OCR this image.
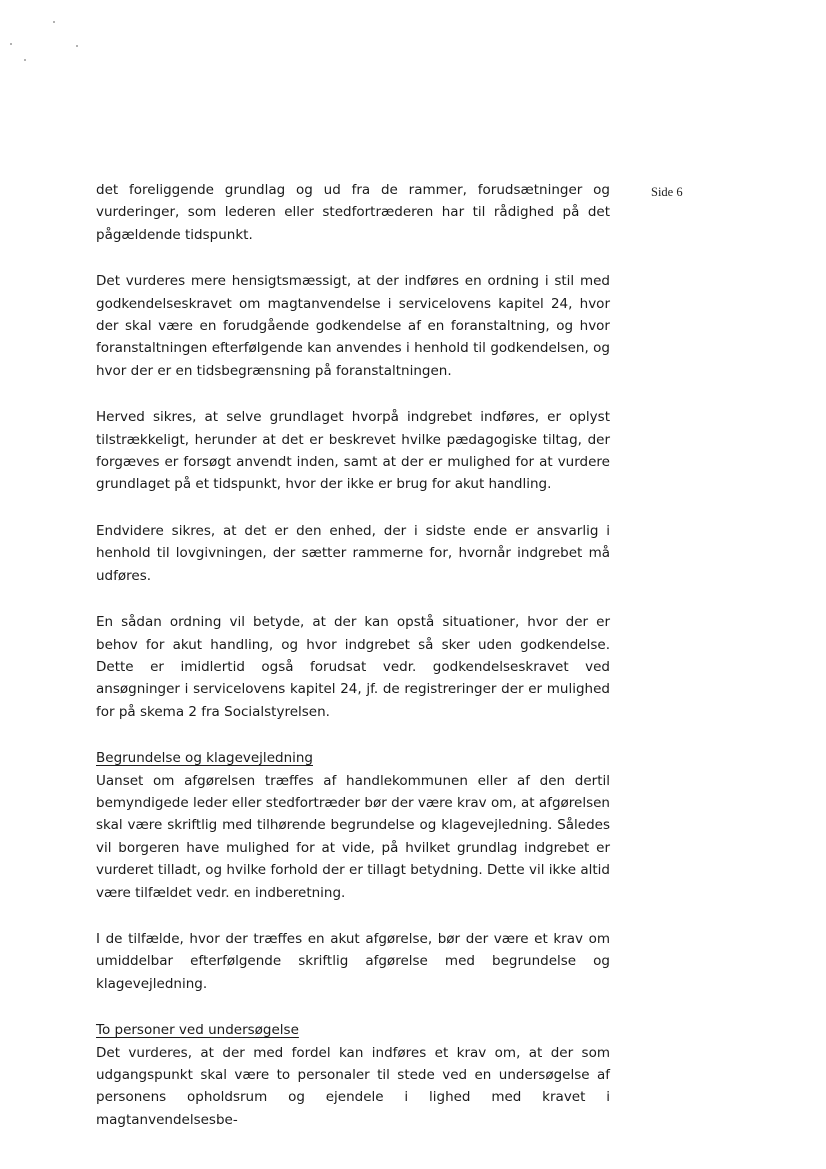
Side 6

det foreliggende grundlag og ud fra de rammer, forudsætninger og vurderinger, som lederen eller stedfortræderen har til rådighed på det pågældende tidspunkt.

Det vurderes mere hensigtsmæssigt, at der indføres en ordning i stil med godkendelseskravet om magtanvendelse i servicelovens kapitel 24, hvor der skal være en forudgående godkendelse af en foranstaltning, og hvor foranstaltningen efterfølgende kan anvendes i henhold til godkendelsen, og hvor der er en tidsbegrænsning på foranstaltningen.

Herved sikres, at selve grundlaget hvorpå indgrebet indføres, er oplyst tilstrækkeligt, herunder at det er beskrevet hvilke pædagogiske tiltag, der forgæves er forsøgt anvendt inden, samt at der er mulighed for at vurdere grundlaget på et tidspunkt, hvor der ikke er brug for akut handling.

Endvidere sikres, at det er den enhed, der i sidste ende er ansvarlig i henhold til lovgivningen, der sætter rammerne for, hvornår indgrebet må udføres.

En sådan ordning vil betyde, at der kan opstå situationer, hvor der er behov for akut handling, og hvor indgrebet så sker uden godkendelse. Dette er imidlertid også forudsat vedr. godkendelseskravet ved ansøgninger i servicelovens kapitel 24, jf. de registreringer der er mulighed for på skema 2 fra Socialstyrelsen.

Begrundelse og klagevejledning

Uanset om afgørelsen træffes af handlekommunen eller af den dertil bemyndigede leder eller stedfortræder bør der være krav om, at afgørelsen skal være skriftlig med tilhørende begrundelse og klagevejledning. Således vil borgeren have mulighed for at vide, på hvilket grundlag indgrebet er vurderet tilladt, og hvilke forhold der er tillagt betydning. Dette vil ikke altid være tilfældet vedr. en indberetning.

I de tilfælde, hvor der træffes en akut afgørelse, bør der være et krav om umiddelbar efterfølgende skriftlig afgørelse med begrundelse og klagevejledning.

To personer ved undersøgelse

Det vurderes, at der med fordel kan indføres et krav om, at der som udgangspunkt skal være to personaler til stede ved en undersøgelse af personens opholdsrum og ejendele i lighed med kravet i magtanvendelsesbe-
